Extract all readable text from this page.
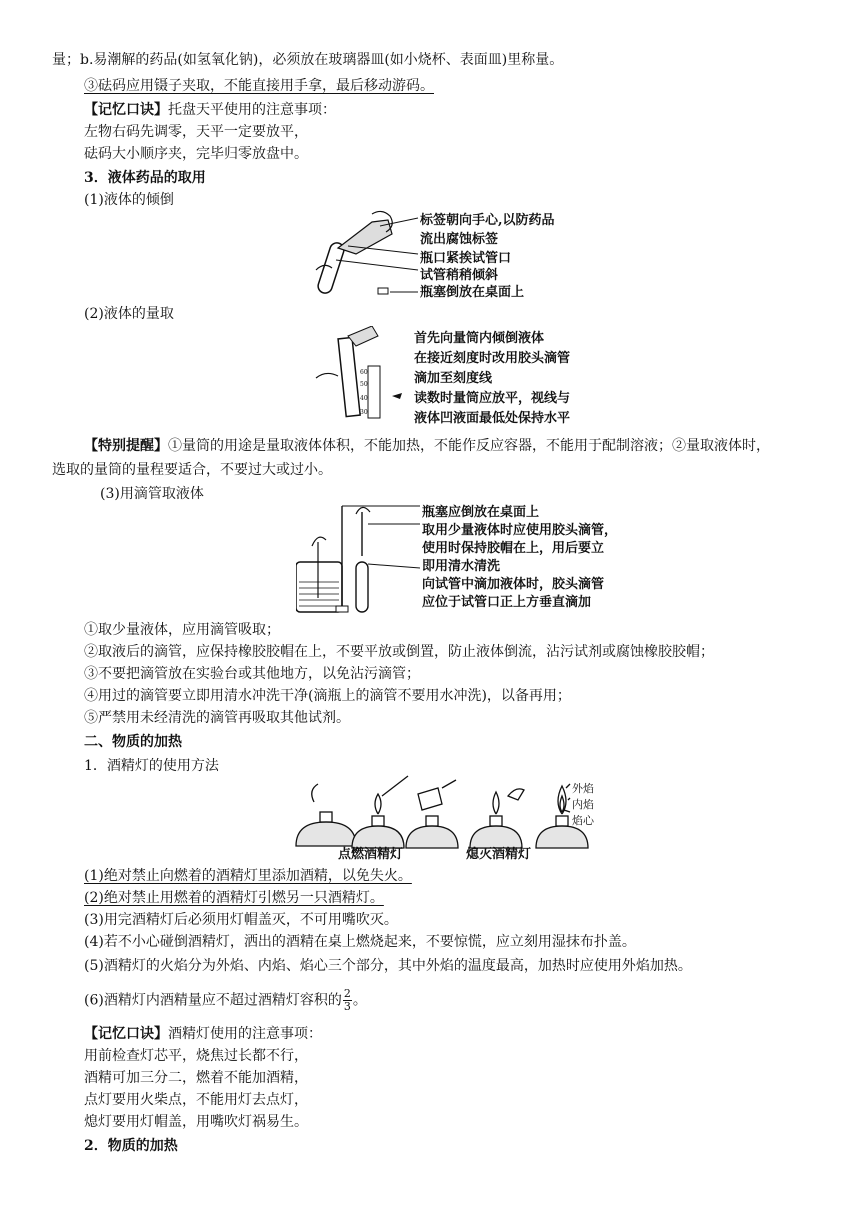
量；b.易潮解的药品(如氢氧化钠)，必须放在玻璃器皿(如小烧杯、表面皿)里称量。
③砝码应用镊子夹取，不能直接用手拿，最后移动游码。
【记忆口诀】托盘天平使用的注意事项：
左物右码先调零，天平一定要放平，
砝码大小顺序夹，完毕归零放盘中。
3．液体药品的取用
(1)液体的倾倒
标签朝向手心,以防药品
流出腐蚀标签
瓶口紧挨试管口
试管稍稍倾斜
瓶塞倒放在桌面上
(2)液体的量取
60
50
40
30
首先向量筒内倾倒液体
在接近刻度时改用胶头滴管
滴加至刻度线
读数时量筒应放平，视线与
液体凹液面最低处保持水平
【特别提醒】①量筒的用途是量取液体体积，不能加热，不能作反应容器，不能用于配制溶液；②量取液体时，
选取的量筒的量程要适合，不要过大或过小。
(3)用滴管取液体
瓶塞应倒放在桌面上
取用少量液体时应使用胶头滴管，
使用时保持胶帽在上，用后要立
即用清水清洗
向试管中滴加液体时，胶头滴管
应位于试管口正上方垂直滴加
①取少量液体，应用滴管吸取；
②取液后的滴管，应保持橡胶胶帽在上，不要平放或倒置，防止液体倒流，沾污试剂或腐蚀橡胶胶帽；
③不要把滴管放在实验台或其他地方，以免沾污滴管；
④用过的滴管要立即用清水冲洗干净(滴瓶上的滴管不要用水冲洗)，以备再用；
⑤严禁用未经清洗的滴管再吸取其他试剂。
二、物质的加热
1．酒精灯的使用方法
外焰
内焰
焰心
点燃酒精灯	熄灭酒精灯
(1)绝对禁止向燃着的酒精灯里添加酒精，以免失火。
(2)绝对禁止用燃着的酒精灯引燃另一只酒精灯。
(3)用完酒精灯后必须用灯帽盖灭，不可用嘴吹灭。
(4)若不小心碰倒酒精灯，洒出的酒精在桌上燃烧起来，不要惊慌，应立刻用湿抹布扑盖。
(5)酒精灯的火焰分为外焰、内焰、焰心三个部分，其中外焰的温度最高，加热时应使用外焰加热。
(6)酒精灯内酒精量应不超过酒精灯容积的 $\frac{2}{3}$ 。
【记忆口诀】酒精灯使用的注意事项：
用前检查灯芯平，烧焦过长都不行，
酒精可加三分二，燃着不能加酒精，
点灯要用火柴点，不能用灯去点灯，
熄灯要用灯帽盖，用嘴吹灯祸易生。
2．物质的加热
